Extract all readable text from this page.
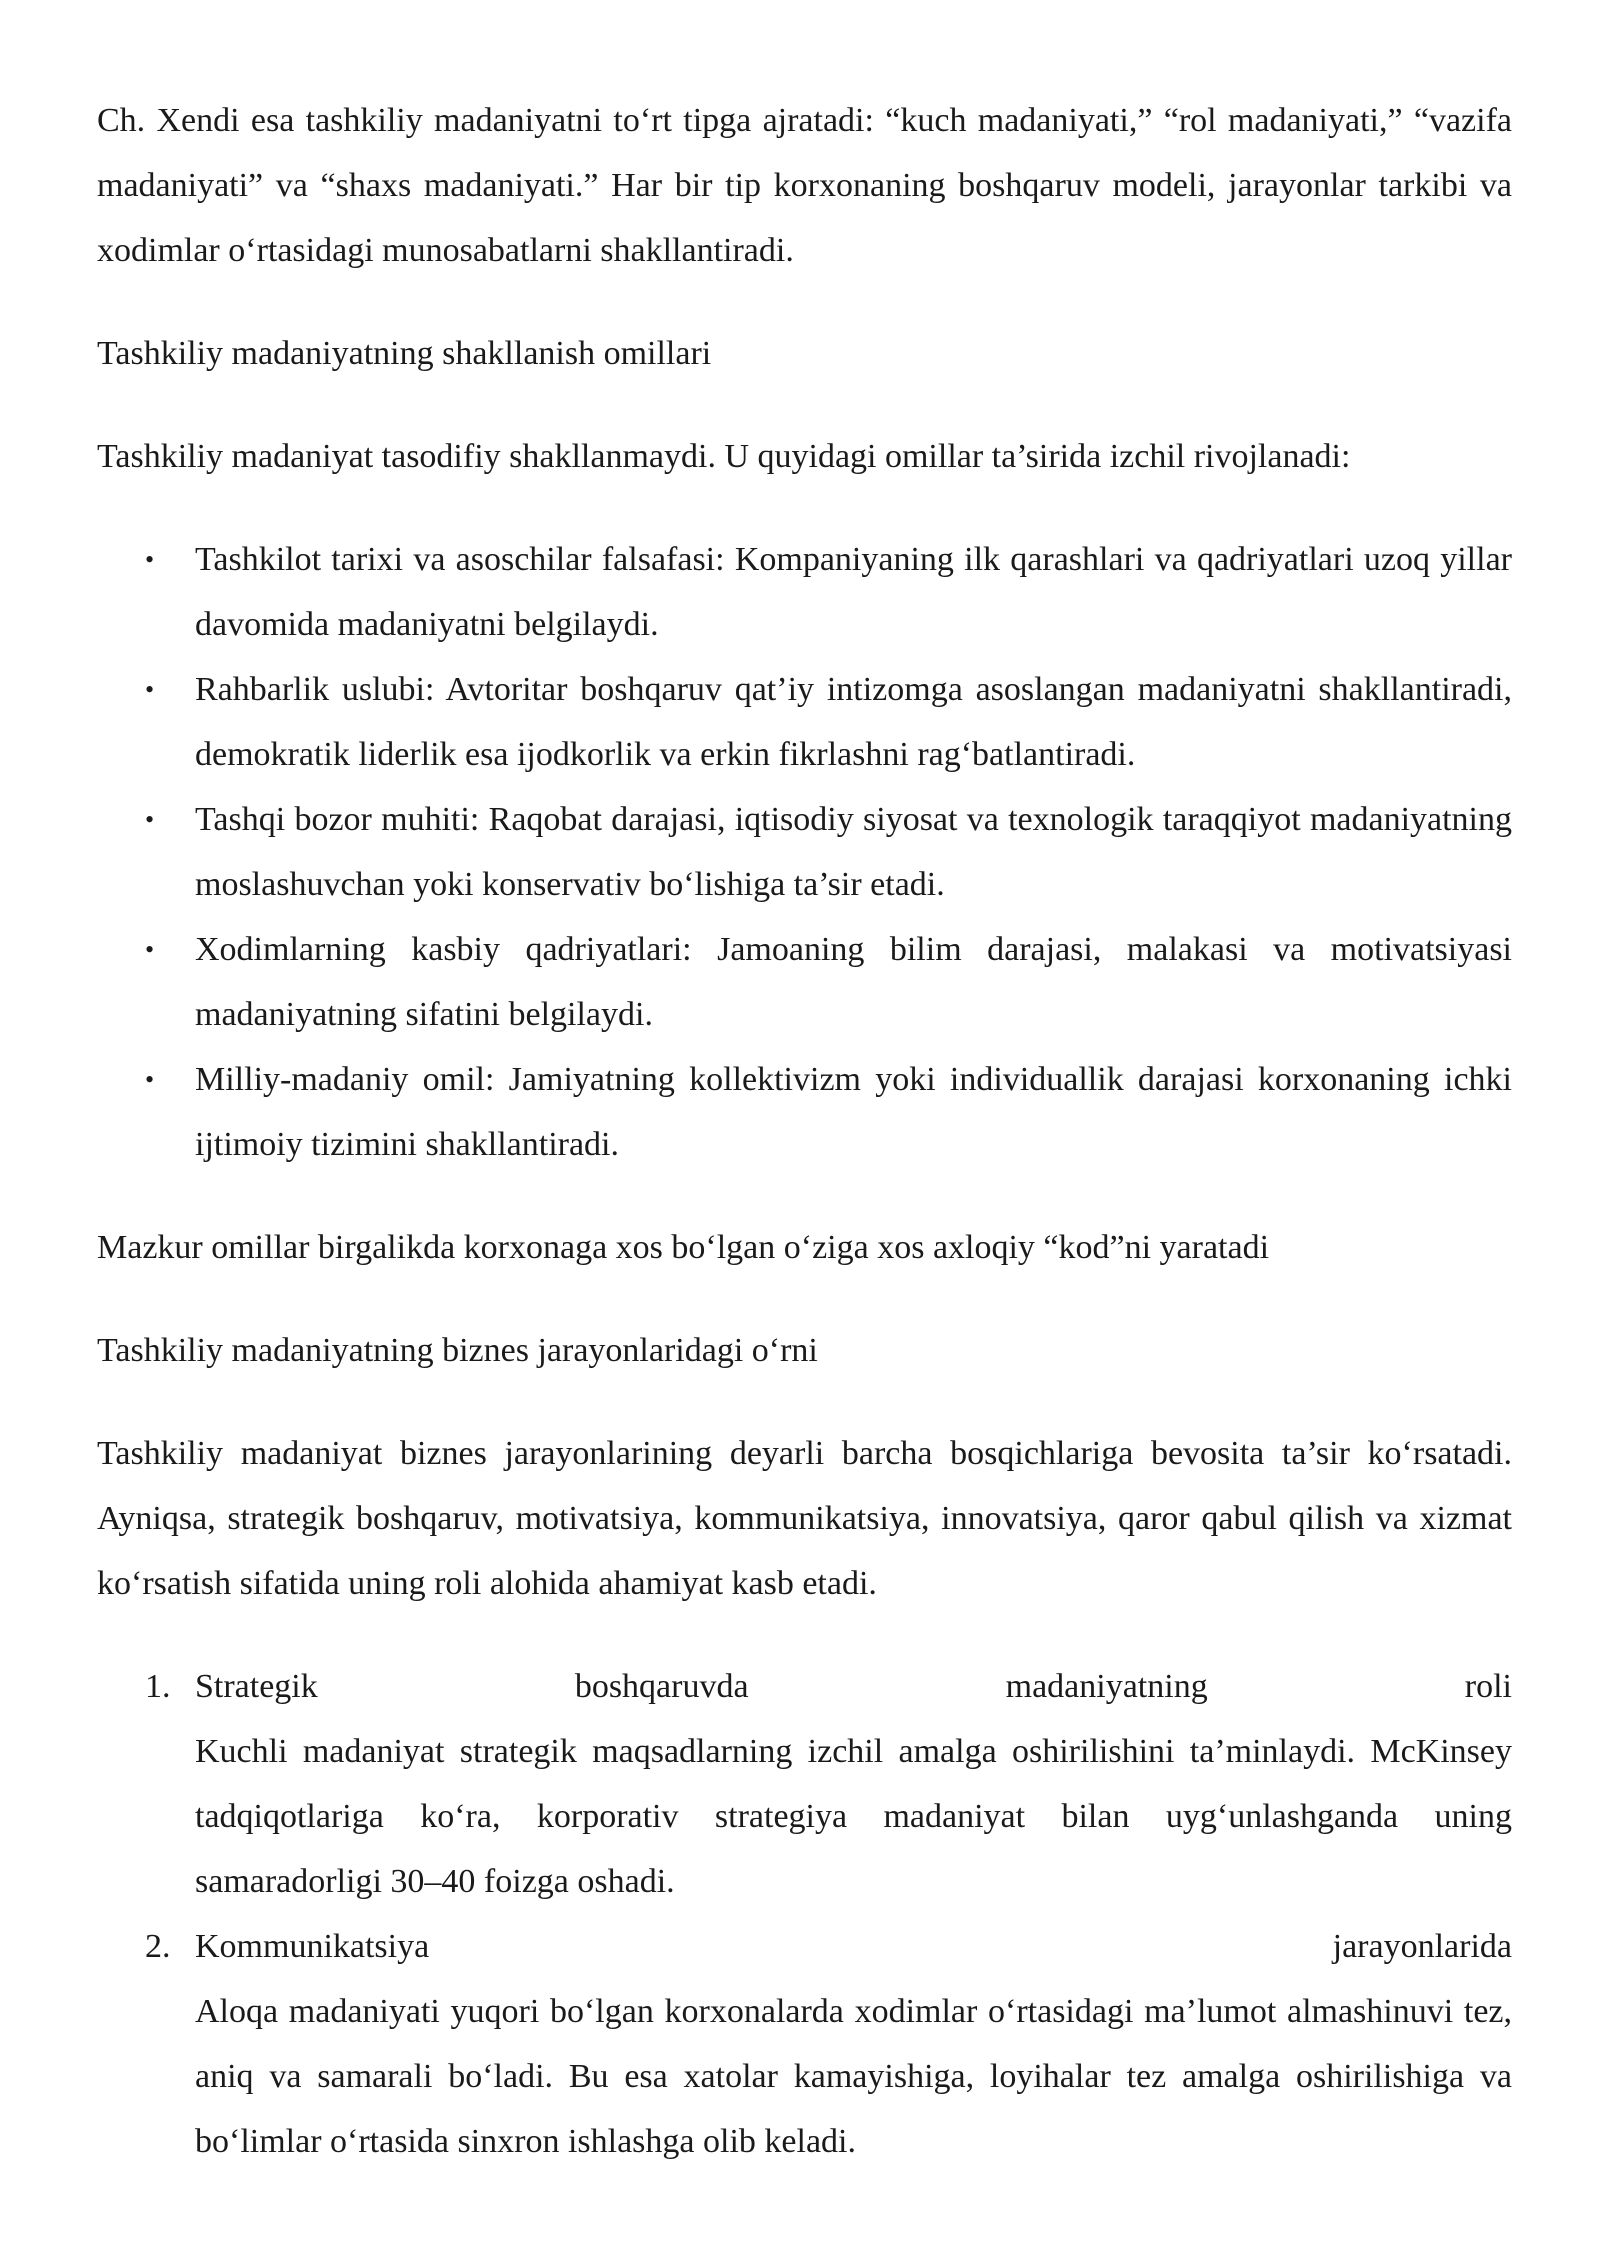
Ch. Xendi esa tashkiliy madaniyatni to‘rt tipga ajratadi: “kuch madaniyati,” “rol madaniyati,” “vazifa madaniyati” va “shaxs madaniyati.” Har bir tip korxonaning boshqaruv modeli, jarayonlar tarkibi va xodimlar o‘rtasidagi munosabatlarni shakllantiradi.

Tashkiliy madaniyatning shakllanish omillari

Tashkiliy madaniyat tasodifiy shakllanmaydi. U quyidagi omillar ta’sirida izchil rivojlanadi:

• Tashkilot tarixi va asoschilar falsafasi: Kompaniyaning ilk qarashlari va qadriyatlari uzoq yillar davomida madaniyatni belgilaydi.
• Rahbarlik uslubi: Avtoritar boshqaruv qat’iy intizomga asoslangan madaniyatni shakllantiradi, demokratik liderlik esa ijodkorlik va erkin fikrlashni rag‘batlantiradi.
• Tashqi bozor muhiti: Raqobat darajasi, iqtisodiy siyosat va texnologik taraqqiyot madaniyatning moslashuvchan yoki konservativ bo‘lishiga ta’sir etadi.
• Xodimlarning kasbiy qadriyatlari: Jamoaning bilim darajasi, malakasi va motivatsiyasi madaniyatning sifatini belgilaydi.
• Milliy-madaniy omil: Jamiyatning kollektivizm yoki individuallik darajasi korxonaning ichki ijtimoiy tizimini shakllantiradi.

Mazkur omillar birgalikda korxonaga xos bo‘lgan o‘ziga xos axloqiy “kod”ni yaratadi

Tashkiliy madaniyatning biznes jarayonlaridagi o‘rni

Tashkiliy madaniyat biznes jarayonlarining deyarli barcha bosqichlariga bevosita ta’sir ko‘rsatadi. Ayniqsa, strategik boshqaruv, motivatsiya, kommunikatsiya, innovatsiya, qaror qabul qilish va xizmat ko‘rsatish sifatida uning roli alohida ahamiyat kasb etadi.

1. Strategik	boshqaruvda	madaniyatning	roli
Kuchli madaniyat strategik maqsadlarning izchil amalga oshirilishini ta’minlaydi. McKinsey tadqiqotlariga ko‘ra, korporativ strategiya madaniyat bilan uyg‘unlashganda uning samaradorligi 30–40 foizga oshadi.
2. Kommunikatsiya	jarayonlarida
Aloqa madaniyati yuqori bo‘lgan korxonalarda xodimlar o‘rtasidagi ma’lumot almashinuvi tez, aniq va samarali bo‘ladi. Bu esa xatolar kamayishiga, loyihalar tez amalga oshirilishiga va bo‘limlar o‘rtasida sinxron ishlashga olib keladi.
